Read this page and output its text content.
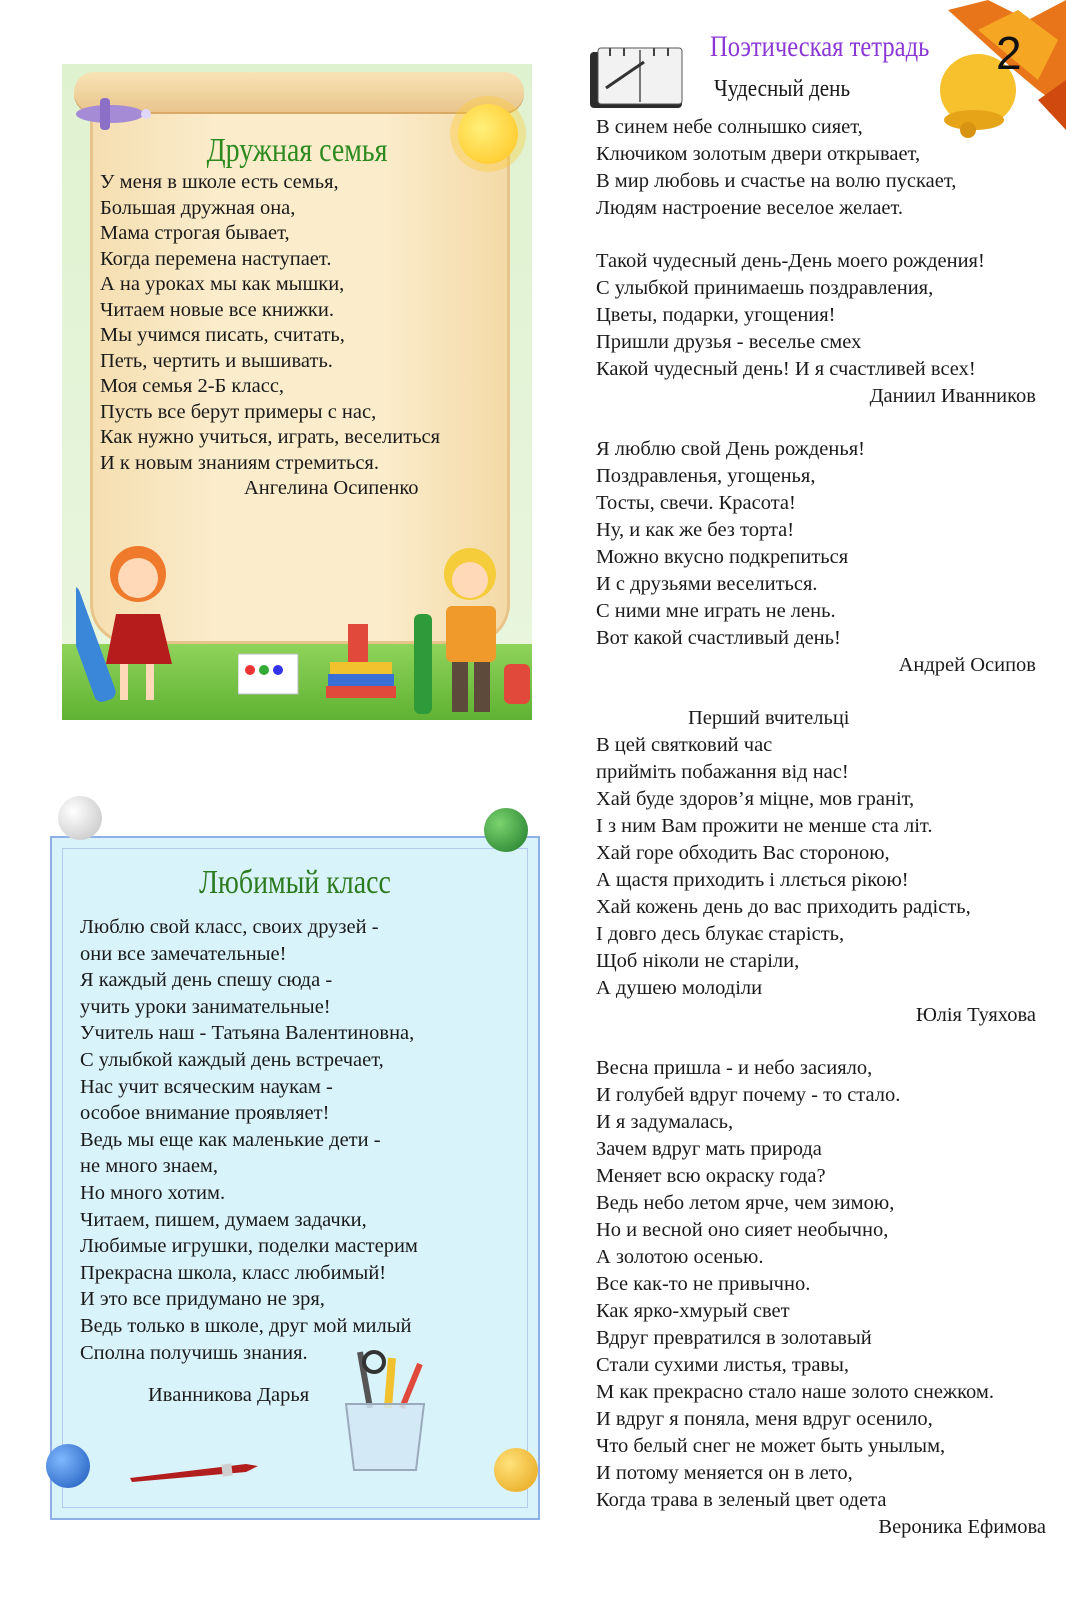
Поэтическая тетрадь
Чудесный день
2
Дружная семья
У меня в школе есть семья,
Большая дружная она,
Мама строгая бывает,
Когда перемена наступает.
А на уроках мы как мышки,
Читаем новые все книжки.
Мы учимся писать, считать,
Петь, чертить и вышивать.
Моя семья 2-Б класс,
Пусть все берут примеры с нас,
Как нужно учиться, играть, веселиться
И к новым знаниям стремиться.
Ангелина Осипенко
Любимый класс
Люблю свой класс, своих друзей -
они все замечательные!
Я каждый день спешу сюда -
учить уроки занимательные!
Учитель наш - Татьяна Валентиновна,
С улыбкой каждый день встречает,
Нас учит всяческим наукам -
особое внимание проявляет!
Ведь мы еще как маленькие дети -
не много знаем,
Но много хотим.
Читаем, пишем, думаем задачки,
Любимые игрушки, поделки мастерим
Прекрасна школа, класс любимый!
И это все придумано не зря,
Ведь только в школе, друг мой милый
Сполна получишь знания.
Иванникова Дарья
В синем небе солнышко сияет,
Ключиком золотым двери открывает,
В мир любовь и счастье на волю пускает,
Людям настроение веселое желает.
Такой чудесный день-День моего рождения!
С улыбкой принимаешь поздравления,
Цветы, подарки, угощения!
Пришли друзья - веселье смех
Какой чудесный день! И я счастливей всех!
Даниил Иванников
Я люблю свой День рожденья!
Поздравленья, угощенья,
Тосты, свечи. Красота!
Ну, и как же без торта!
Можно вкусно подкрепиться
И с друзьями веселиться.
С ними мне играть не лень.
Вот какой счастливый день!
Андрей Осипов
Перший вчительці
В цей святковий час
прийміть побажання від нас!
Хай буде здоров’я міцне, мов граніт,
І з ним Вам прожити не менше ста літ.
Хай горе обходить Вас стороною,
А щастя приходить і ллється рікою!
Хай кожень день до вас приходить радість,
І довго десь блукає старість,
Щоб ніколи не старіли,
А душею молоділи
Юлія Туяхова
Весна пришла - и небо засияло,
И голубей вдруг почему - то стало.
И я задумалась,
Зачем вдруг мать природа
Меняет всю окраску года?
Ведь небо летом ярче, чем зимою,
Но и весной оно сияет необычно,
А золотою осенью.
Все как-то не привычно.
Как ярко-хмурый свет
Вдруг превратился в золотавый
Стали сухими листья, травы,
М как прекрасно стало наше золото снежком.
И вдруг я поняла, меня вдруг осенило,
Что белый снег не может быть унылым,
И потому меняется он в лето,
Когда трава в зеленый цвет одета
Вероника Ефимова
